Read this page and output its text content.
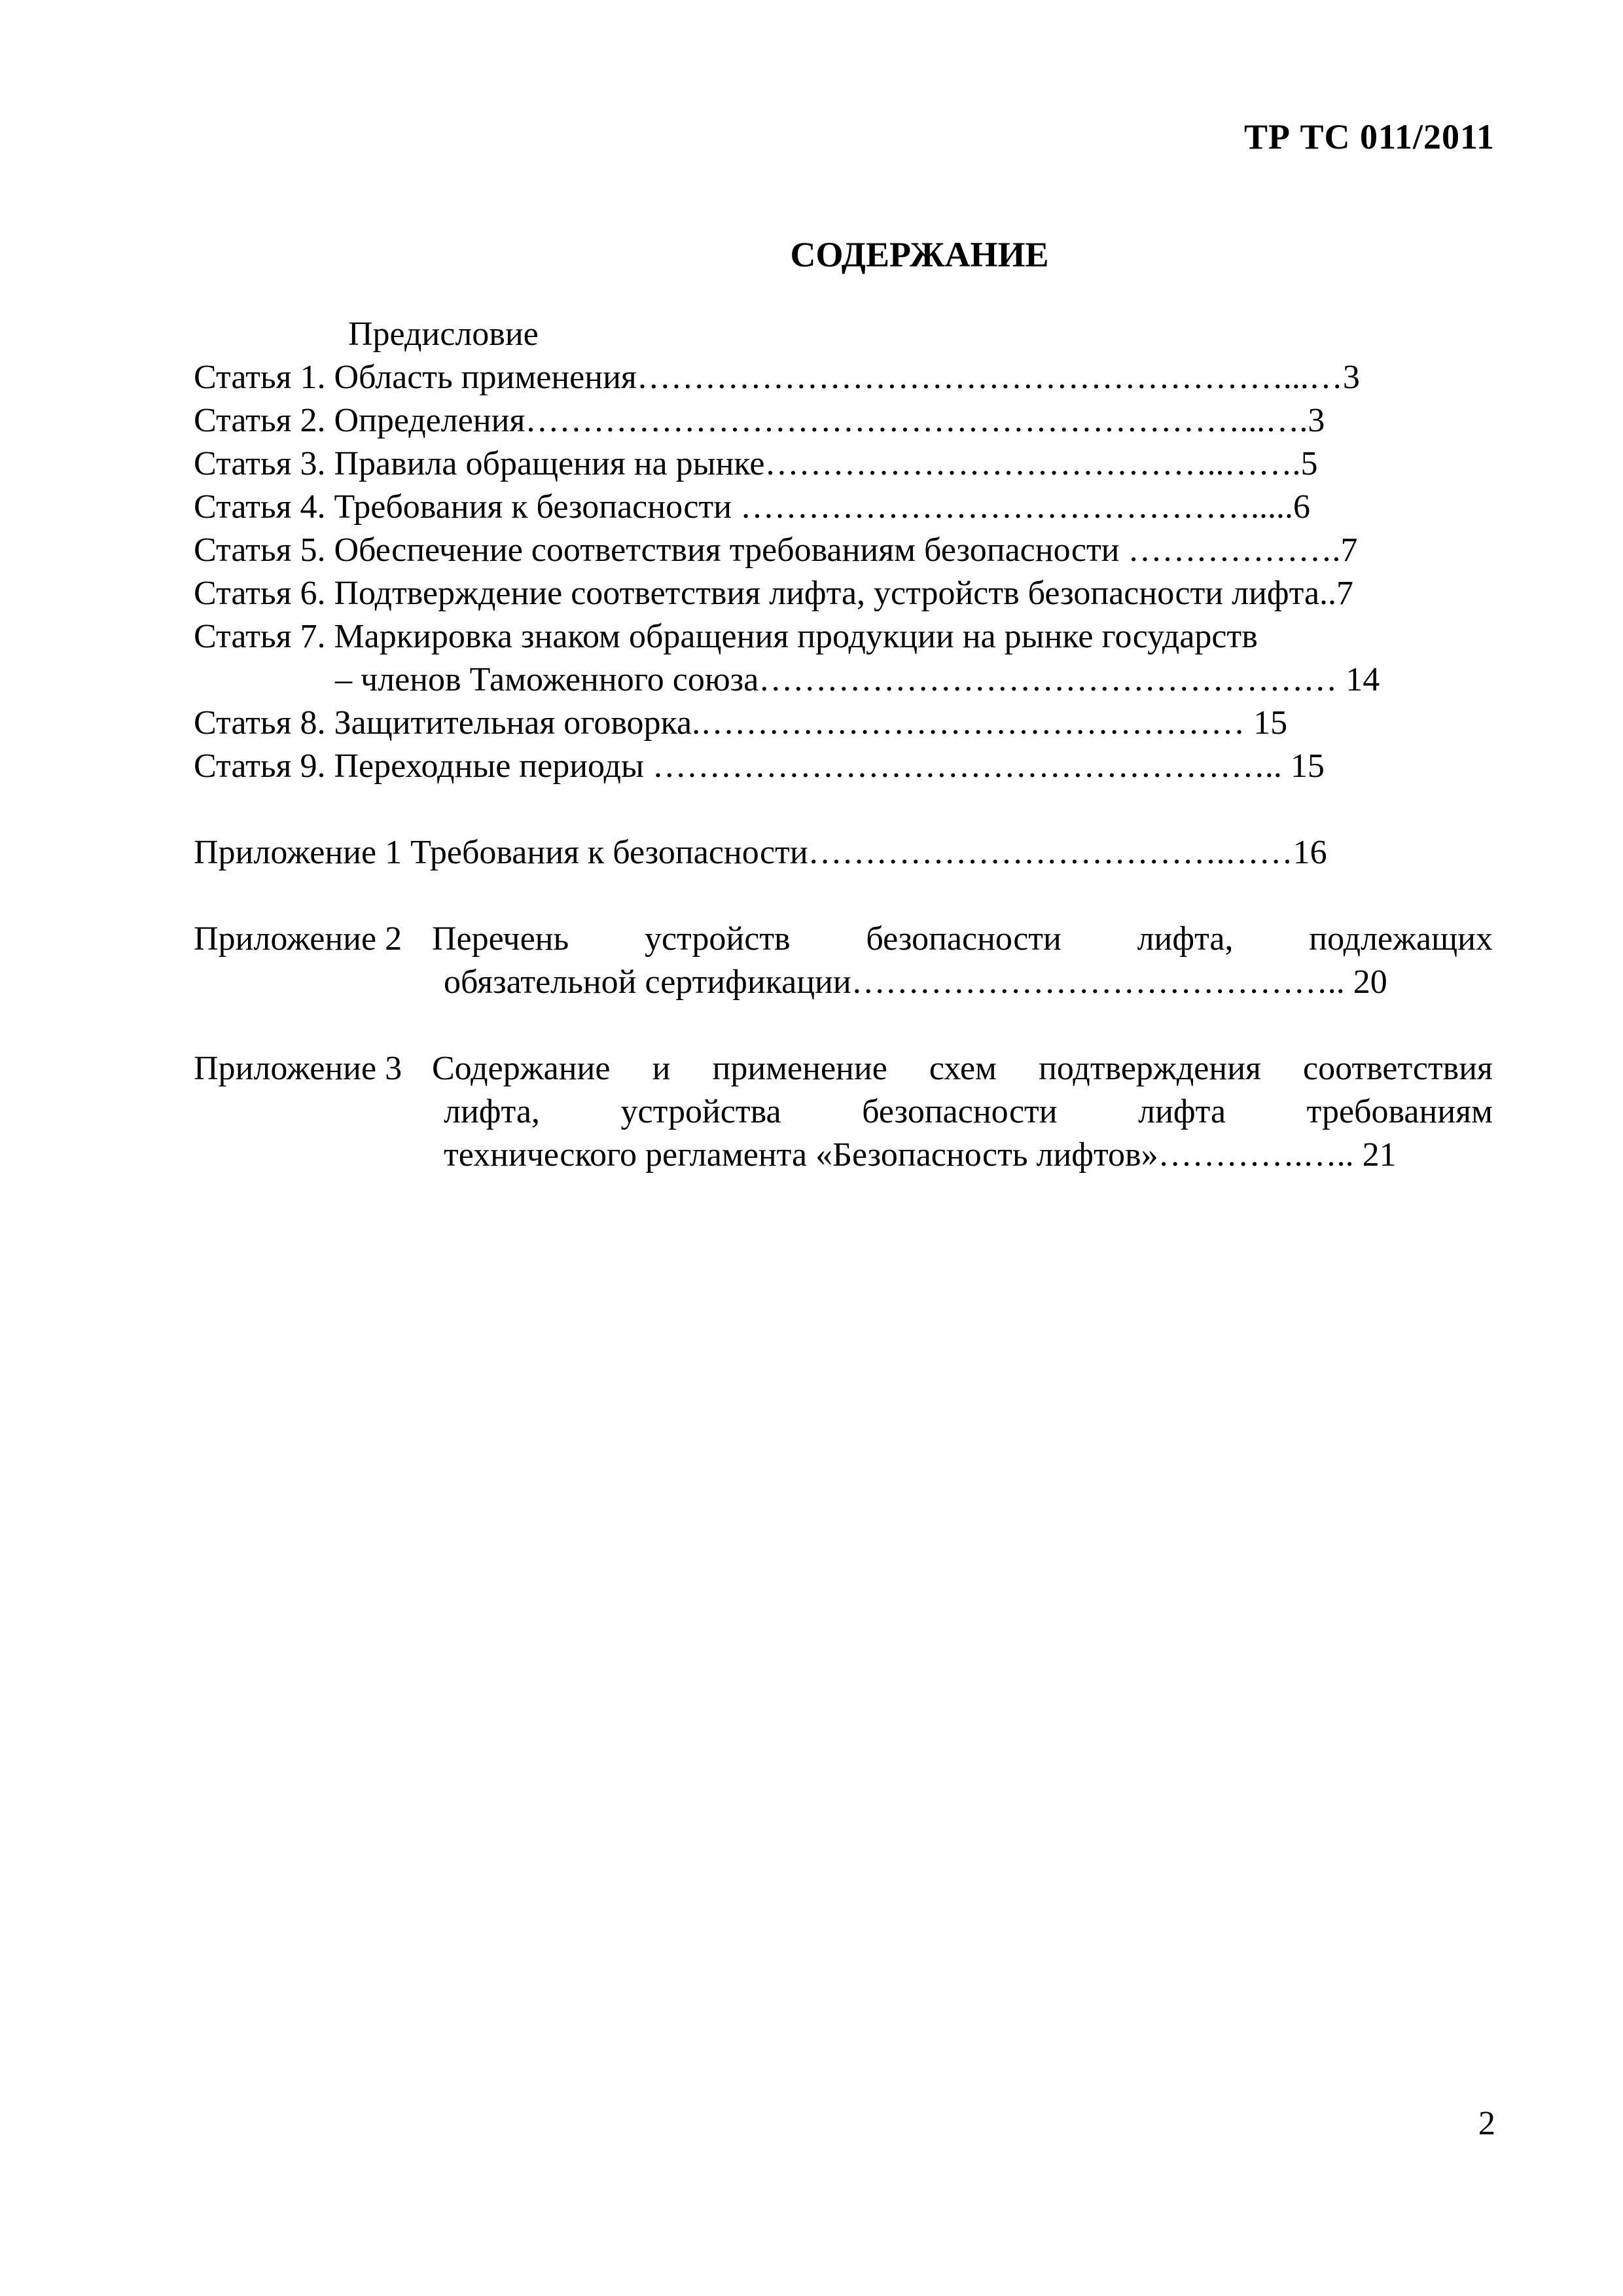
ТР ТС 011/2011
СОДЕРЖАНИЕ
Предисловие
Статья 1. Область применения…………………………………………………...…3
Статья 2. Определения………………………………………………………...….3
Статья 3. Правила обращения на рынке…………………………………..…….5
Статья 4. Требования к безопасности ……………………………………….....6
Статья 5. Обеспечение соответствия требованиям безопасности ……………….7
Статья 6. Подтверждение соответствия лифта, устройств безопасности лифта..7
Статья 7. Маркировка знаком обращения продукции на рынке государств
– членов Таможенного союза…………………………………………… 14
Статья 8. Защитительная оговорка.………………………………………… 15
Статья 9. Переходные периоды ……………………………………………….. 15
Приложение 1 Требования к безопасности……………………………….……16
Приложение 2 Перечень устройств безопасности лифта, подлежащих
обязательной сертификации…………………………………….. 20
Приложение 3 Содержание и применение схем подтверждения соответствия
лифта, устройства безопасности лифта требованиям
технического регламента «Безопасность лифтов»………….….. 21
2
